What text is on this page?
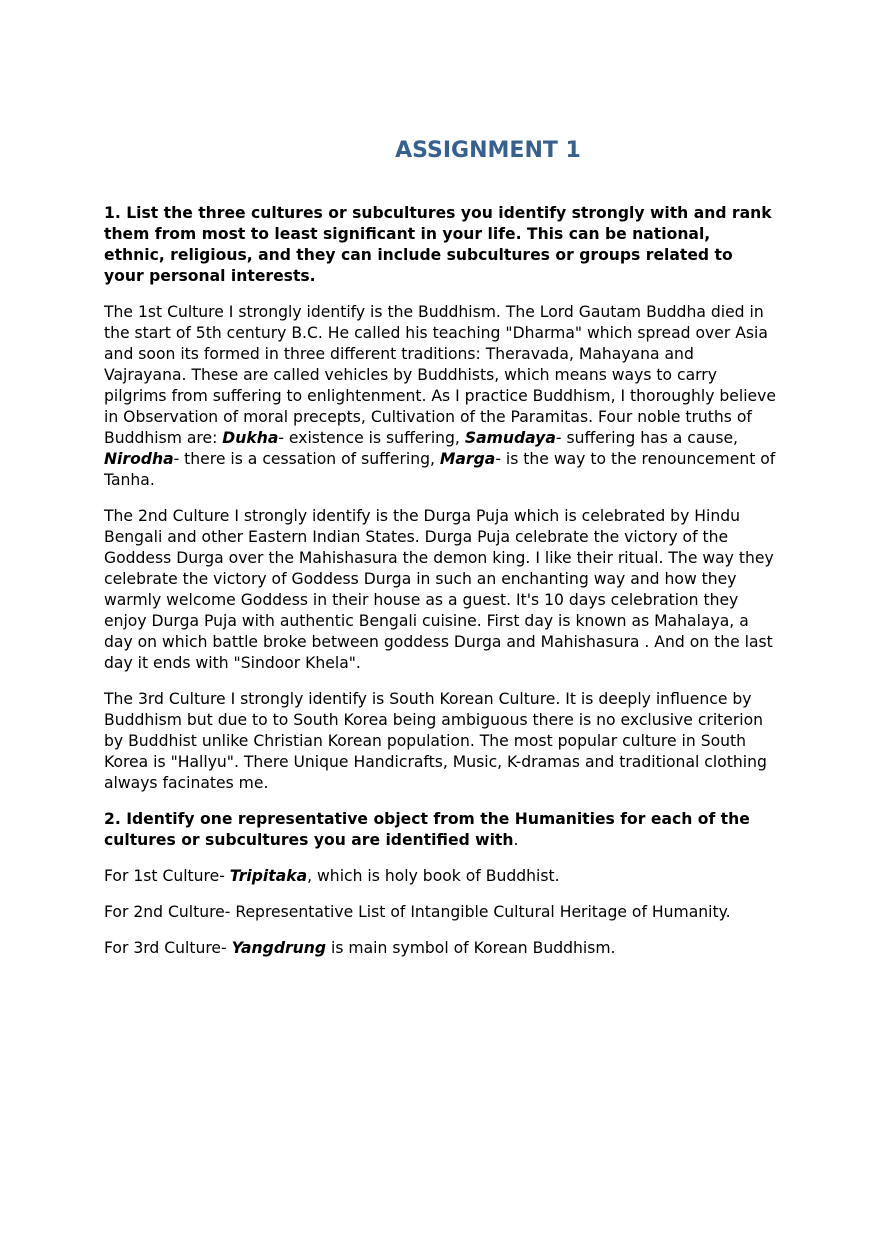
ASSIGNMENT 1

1. List the three cultures or subcultures you identify strongly with and rank them from most to least significant in your life. This can be national, ethnic, religious, and they can include subcultures or groups related to your personal interests.

The 1st Culture I strongly identify is the Buddhism. The Lord Gautam Buddha died in the start of 5th century B.C. He called his teaching "Dharma" which spread over Asia and soon its formed in three different traditions: Theravada, Mahayana and Vajrayana. These are called vehicles by Buddhists, which means ways to carry pilgrims from suffering to enlightenment. As I practice Buddhism, I thoroughly believe in Observation of moral precepts, Cultivation of the Paramitas. Four noble truths of Buddhism are: Dukha- existence is suffering, Samudaya- suffering has a cause, Nirodha- there is a cessation of suffering, Marga- is the way to the renouncement of Tanha.

The 2nd Culture I strongly identify is the Durga Puja which is celebrated by Hindu Bengali and other Eastern Indian States. Durga Puja celebrate the victory of the Goddess Durga over the Mahishasura the demon king. I like their ritual. The way they celebrate the victory of Goddess Durga in such an enchanting way and how they warmly welcome Goddess in their house as a guest. It's 10 days celebration they enjoy Durga Puja with authentic Bengali cuisine. First day is known as Mahalaya, a day on which battle broke between goddess Durga and Mahishasura . And on the last day it ends with "Sindoor Khela".

The 3rd Culture I strongly identify is South Korean Culture. It is deeply influence by Buddhism but due to to South Korea being ambiguous there is no exclusive criterion by Buddhist unlike Christian Korean population. The most popular culture in South Korea is "Hallyu". There Unique Handicrafts, Music, K-dramas and traditional clothing always facinates me.

2. Identify one representative object from the Humanities for each of the cultures or subcultures you are identified with.

For 1st Culture- Tripitaka, which is holy book of Buddhist.

For 2nd Culture- Representative List of Intangible Cultural Heritage of Humanity.

For 3rd Culture- Yangdrung is main symbol of Korean Buddhism.
